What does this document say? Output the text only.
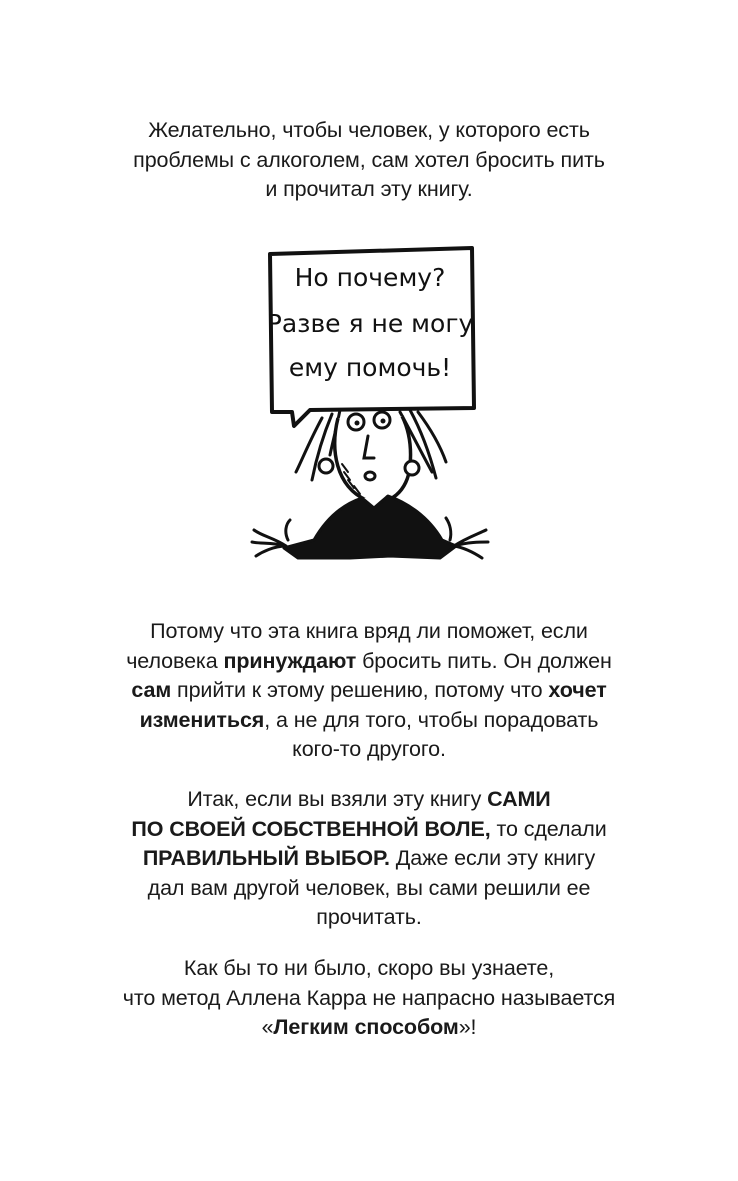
Желательно, чтобы человек, у которого есть
проблемы с алкоголем, сам хотел бросить пить
и прочитал эту книгу.
Но почему?
Разве я не могу
ему помочь!
Потому что эта книга вряд ли поможет, если
человека принуждают бросить пить. Он должен
сам прийти к этому решению, потому что хочет
измениться, а не для того, чтобы порадовать
кого-то другого.
Итак, если вы взяли эту книгу САМИ
ПО СВОЕЙ СОБСТВЕННОЙ ВОЛЕ, то сделали
ПРАВИЛЬНЫЙ ВЫБОР. Даже если эту книгу
дал вам другой человек, вы сами решили ее
прочитать.
Как бы то ни было, скоро вы узнаете,
что метод Аллена Карра не напрасно называется
«Легким способом»!
